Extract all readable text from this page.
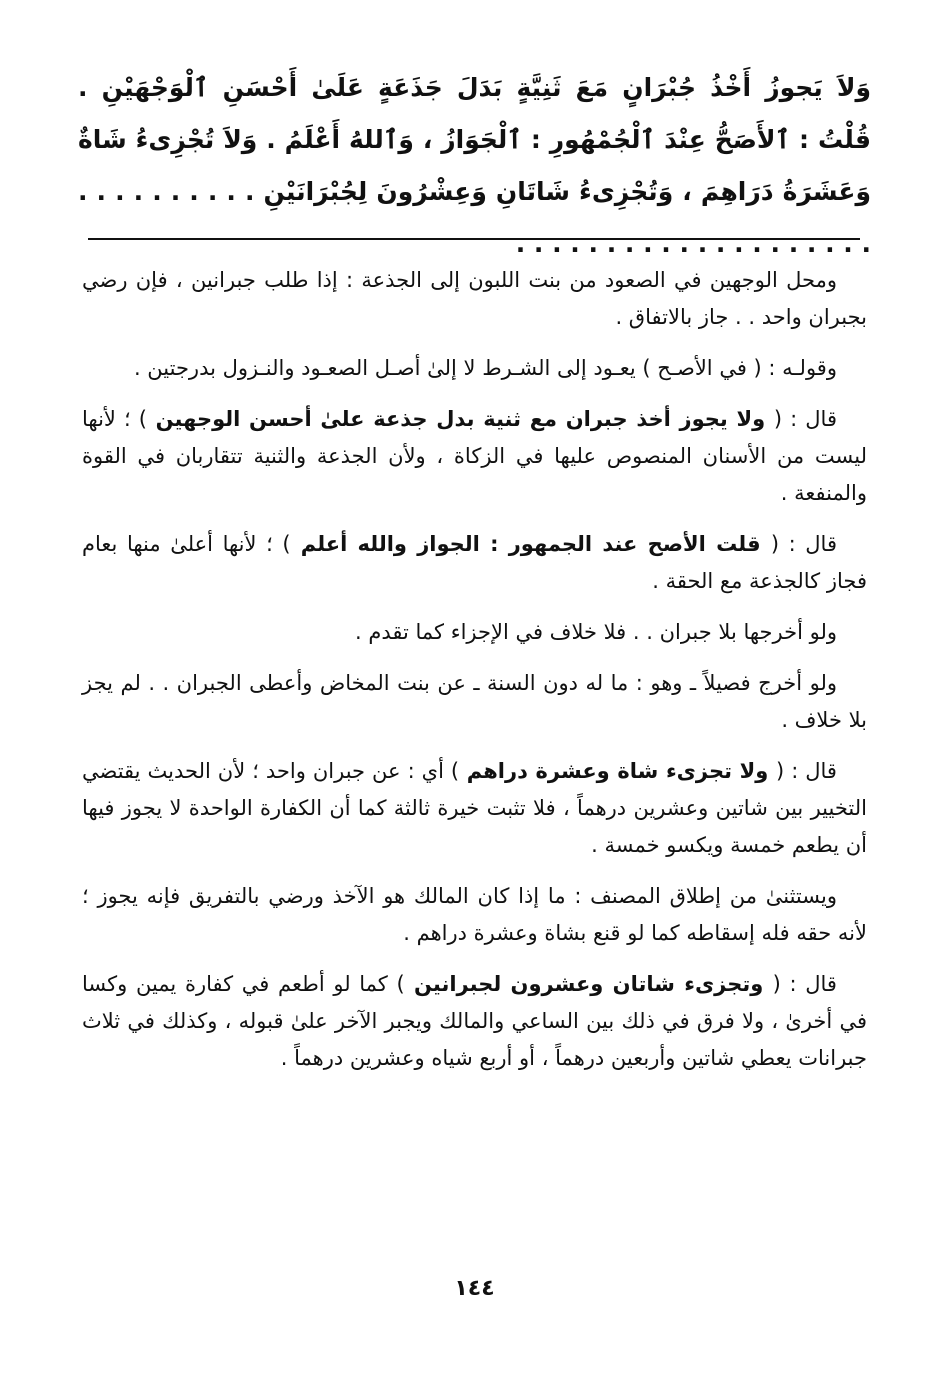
وَلاَ يَجوزُ أَخْذُ جُبْرَانٍ مَعَ ثَنِيَّةٍ بَدَلَ جَذَعَةٍ عَلَىٰ أَحْسَنِ ٱلْوَجْهَيْنِ . قُلْتُ : ٱلأَصَحُّ عِنْدَ ٱلْجُمْهُورِ : ٱلْجَوَازُ ، وَٱللهُ أَعْلَمُ . وَلاَ تُجْزِىءُ شَاةٌ وَعَشَرَةُ دَرَاهِمَ ، وَتُجْزِىءُ شَاتَانِ وَعِشْرُونَ لِجُبْرَانَيْنِ . . . . . . . . . . . . . . . . . . . . . . . . . . . . . .

ومحل الوجهين في الصعود من بنت اللبون إلى الجذعة : إذا طلب جبرانين ، فإن رضي بجبران واحد . . جاز بالاتفاق .

وقولـه : ( في الأصـح ) يعـود إلى الشـرط لا إلىٰ أصـل الصعـود والنـزول بدرجتين .

قال : ( ولا يجوز أخذ جبران مع ثنية بدل جذعة علىٰ أحسن الوجهين ) ؛ لأنها ليست من الأسنان المنصوص عليها في الزكاة ، ولأن الجذعة والثنية تتقاربان في القوة والمنفعة .

قال : ( قلت الأصح عند الجمهور : الجواز والله أعلم ) ؛ لأنها أعلىٰ منها بعام فجاز كالجذعة مع الحقة .

ولو أخرجها بلا جبران . . فلا خلاف في الإجزاء كما تقدم .

ولو أخرج فصيلاً ـ وهو : ما له دون السنة ـ عن بنت المخاض وأعطى الجبران . . لم يجز بلا خلاف .

قال : ( ولا تجزىء شاة وعشرة دراهم ) أي : عن جبران واحد ؛ لأن الحديث يقتضي التخيير بين شاتين وعشرين درهماً ، فلا تثبت خيرة ثالثة كما أن الكفارة الواحدة لا يجوز فيها أن يطعم خمسة ويكسو خمسة .

ويستثنىٰ من إطلاق المصنف : ما إذا كان المالك هو الآخذ ورضي بالتفريق فإنه يجوز ؛ لأنه حقه فله إسقاطه كما لو قنع بشاة وعشرة دراهم .

قال : ( وتجزىء شاتان وعشرون لجبرانين ) كما لو أطعم في كفارة يمين وكسا في أخرىٰ ، ولا فرق في ذلك بين الساعي والمالك ويجبر الآخر علىٰ قبوله ، وكذلك في ثلاث جبرانات يعطي شاتين وأربعين درهماً ، أو أربع شياه وعشرين درهماً .

١٤٤
